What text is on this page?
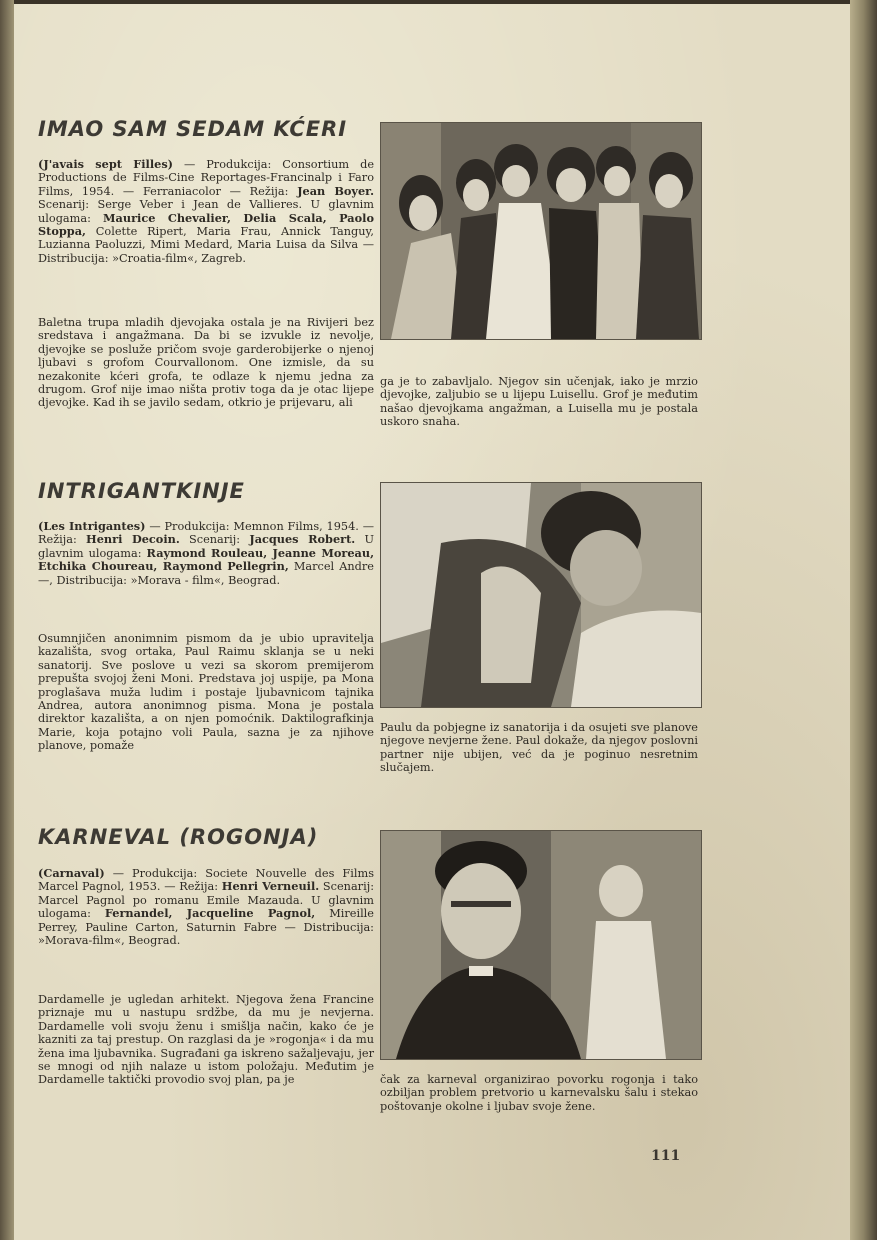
IMAO SAM SEDAM KĆERI

(J'avais sept Filles) — Produkcija: Consortium de Productions de Films-Cine Reportages-Francinalp i Faro Films, 1954. — Ferraniacolor — Režija: Jean Boyer. Scenarij: Serge Veber i Jean de Vallieres. U glavnim ulogama: Maurice Chevalier, Delia Scala, Paolo Stoppa, Colette Ripert, Maria Frau, Annick Tanguy, Luzianna Paoluzzi, Mimi Medard, Maria Luisa da Silva — Distribucija: »Croatia-film«, Zagreb.

Baletna trupa mladih djevojaka ostala je na Rivijeri bez sredstava i angažmana. Da bi se izvukle iz nevolje, djevojke se posluže pričom svoje garderobijerke o njenoj ljubavi s grofom Courvallonom. One izmisle, da su nezakonite kćeri grofa, te odlaze k njemu jedna za drugom. Grof nije imao ništa protiv toga da je otac lijepe djevojke. Kad ih se javilo sedam, otkrio je prijevaru, ali

ga je to zabavljalo. Njegov sin učenjak, iako je mrzio djevojke, zaljubio se u lijepu Luisellu. Grof je međutim našao djevojkama angažman, a Luisella mu je postala uskoro snaha.

INTRIGANTKINJE

(Les Intrigantes) — Produkcija: Memnon Films, 1954. — Režija: Henri Decoin. Scenarij: Jacques Robert. U glavnim ulogama: Raymond Rouleau, Jeanne Moreau, Etchika Choureau, Raymond Pellegrin, Marcel Andre —, Distribucija: »Morava - film«, Beograd.

Osumnjičen anonimnim pismom da je ubio upravitelja kazališta, svog ortaka, Paul Raimu sklanja se u neki sanatorij. Sve poslove u vezi sa skorom premijerom prepušta svojoj ženi Moni. Predstava joj uspije, pa Mona proglašava muža ludim i postaje ljubavnicom tajnika Andrea, autora anonimnog pisma. Mona je postala direktor kazališta, a on njen pomoćnik. Daktilografkinja Marie, koja potajno voli Paula, sazna je za njihove planove, pomaže

Paulu da pobjegne iz sanatorija i da osujeti sve planove njegove nevjerne žene. Paul dokaže, da njegov poslovni partner nije ubijen, već da je poginuo nesretnim slučajem.

KARNEVAL (ROGONJA)

(Carnaval) — Produkcija: Societe Nouvelle des Films Marcel Pagnol, 1953. — Režija: Henri Verneuil. Scenarij: Marcel Pagnol po romanu Emile Mazauda. U glavnim ulogama: Fernandel, Jacqueline Pagnol, Mireille Perrey, Pauline Carton, Saturnin Fabre — Distribucija: »Morava-film«, Beograd.

Dardamelle je ugledan arhitekt. Njegova žena Francine priznaje mu u nastupu srdžbe, da mu je nevjerna. Dardamelle voli svoju ženu i smišlja način, kako će je kazniti za taj prestup. On razglasi da je »rogonja« i da mu žena ima ljubavnika. Sugrađani ga iskreno sažaljevaju, jer se mnogi od njih nalaze u istom položaju. Međutim je Dardamelle taktički provodio svoj plan, pa je	čak za karneval organizirao povorku rogonja i tako ozbiljan problem pretvorio u karnevalsku šalu i stekao poštovanje okolne i ljubav svoje žene.

111
